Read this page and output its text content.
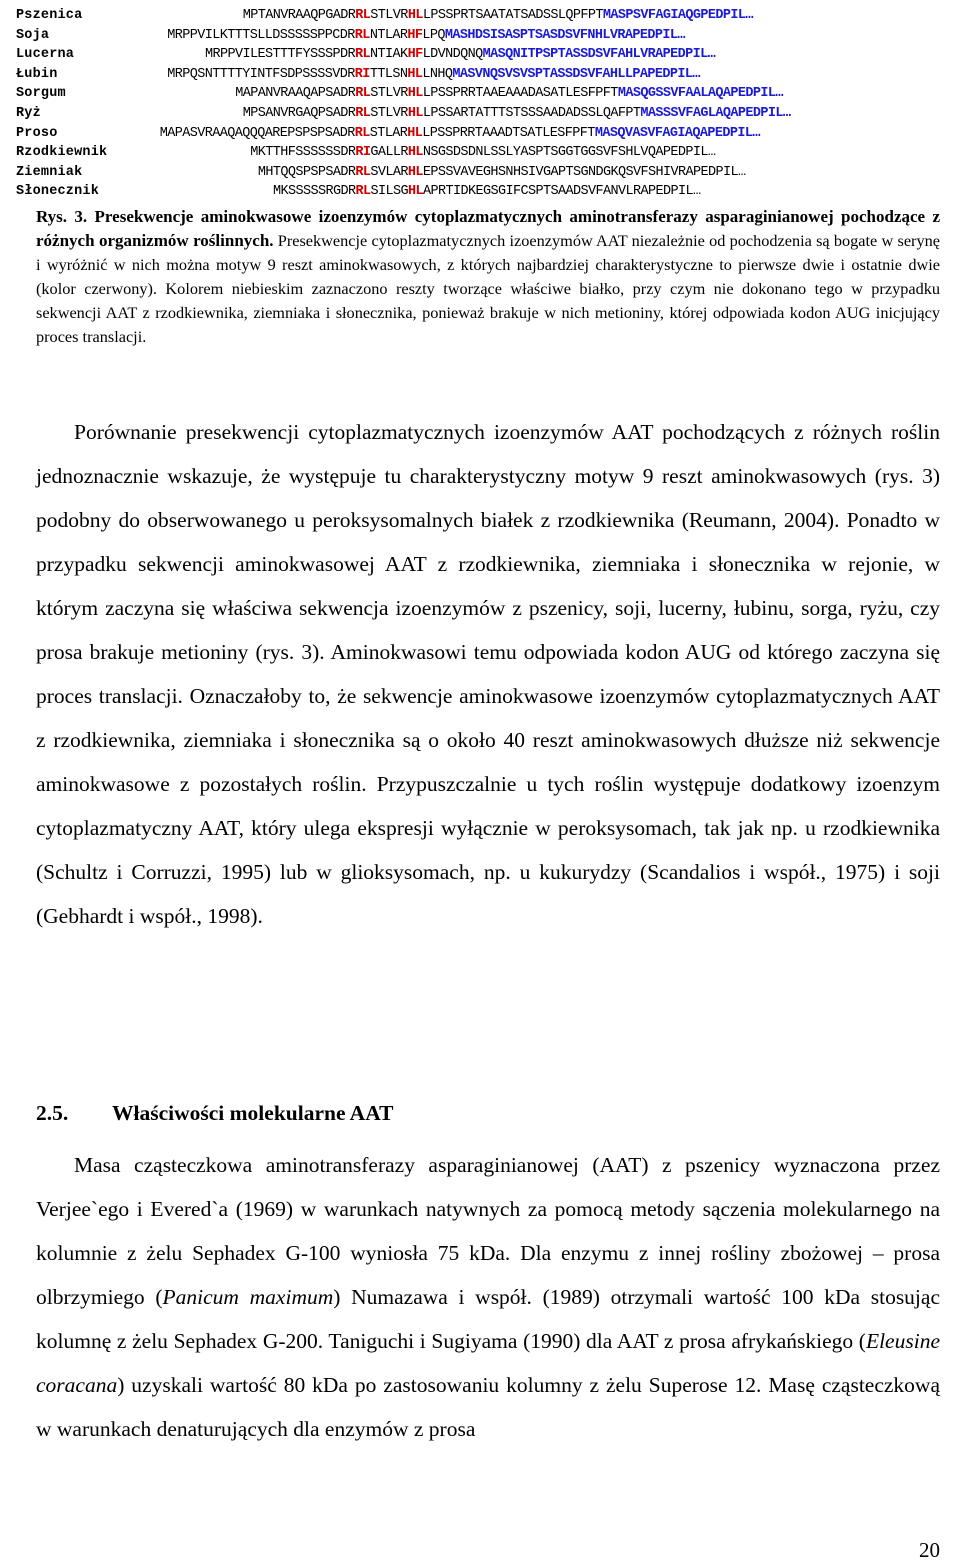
Pszenica	MPTANVRAAQPGADRRLSTLVRHLLPSSPRTSAATATSADSSLQPFPTMASPSVFAGIAQGPEDPIL…
Soja	MRPPVILKTTTSLLDSSSSSPPCDRRLNTLARHFLPQMASHDSISASPTSASDSVFNHLVRAPEDPIL…
Lucerna	MRPPVILESTTTFYSSSPDRRLNTIAKHFLDVNDQNQMASQNITPSPTASSDSVFAHLVRAPEDPIL…
Łubin	MRPQSNTTTTYINTFSDPSSSSVDRRITTLSNHLLNHQMASVNQSVSVSPTASSDSVFAHLLPAPEDPIL…
Sorgum	MAPANVRAAQAPSADRRLSTLVRHLLPSSPRRTAAEAAADASATLESFPFTMASQGSSVFAALAQAPEDPIL…
Ryż	MPSANVRGAQPSADRRLSTLVRHLLPSSARTATTTSTSSSAADADSSLQAFPTMASSSVFAGLAQAPEDPIL…
Proso	MAPASVRAAQAQQQAREPSPSPSADRRLSTLARHLLPSSPRRTAAADTSATLESFPFTMASQVASVFAGIAQAPEDPIL…
Rzodkiewnik	MKTTHFSSSSSSDRRIGALLRHLNSGSDSDNLSSLYASPTSGGTGGSVFSHLVQAPEDPIL…
Ziemniak	MHTQQSPSPSADRRLSVLARHLEPSSVAVEGHSNHSIVGAPTSGNDGKQSVFSHIVRAPEDPIL…
Słonecznik	MKSSSSSRGDRRLSILSGHLAPRTIDKEGSGIFCSPTSAADSVFANVLRAPEDPIL…
Rys. 3. Presekwencje aminokwasowe izoenzymów cytoplazmatycznych aminotransferazy asparaginianowej pochodzące z różnych organizmów roślinnych. Presekwencje cytoplazmatycznych izoenzymów AAT niezależnie od pochodzenia są bogate w serynę i wyróżnić w nich można motyw 9 reszt aminokwasowych, z których najbardziej charakterystyczne to pierwsze dwie i ostatnie dwie (kolor czerwony). Kolorem niebieskim zaznaczono reszty tworzące właściwe białko, przy czym nie dokonano tego w przypadku sekwencji AAT z rzodkiewnika, ziemniaka i słonecznika, ponieważ brakuje w nich metioniny, której odpowiada kodon AUG inicjujący proces translacji.

Porównanie presekwencji cytoplazmatycznych izoenzymów AAT pochodzących z różnych roślin jednoznacznie wskazuje, że występuje tu charakterystyczny motyw 9 reszt aminokwasowych (rys. 3) podobny do obserwowanego u peroksysomalnych białek z rzodkiewnika (Reumann, 2004). Ponadto w przypadku sekwencji aminokwasowej AAT z rzodkiewnika, ziemniaka i słonecznika w rejonie, w którym zaczyna się właściwa sekwencja izoenzymów z pszenicy, soji, lucerny, łubinu, sorga, ryżu, czy prosa brakuje metioniny (rys. 3). Aminokwasowi temu odpowiada kodon AUG od którego zaczyna się proces translacji. Oznaczałoby to, że sekwencje aminokwasowe izoenzymów cytoplazmatycznych AAT z rzodkiewnika, ziemniaka i słonecznika są o około 40 reszt aminokwasowych dłuższe niż sekwencje aminokwasowe z pozostałych roślin. Przypuszczalnie u tych roślin występuje dodatkowy izoenzym cytoplazmatyczny AAT, który ulega ekspresji wyłącznie w peroksysomach, tak jak np. u rzodkiewnika (Schultz i Corruzzi, 1995) lub w glioksysomach, np. u kukurydzy (Scandalios i współ., 1975) i soji (Gebhardt i współ., 1998).

2.5. Właściwości molekularne AAT

Masa cząsteczkowa aminotransferazy asparaginianowej (AAT) z pszenicy wyznaczona przez Verjee`ego i Evered`a (1969) w warunkach natywnych za pomocą metody sączenia molekularnego na kolumnie z żelu Sephadex G-100 wyniosła 75 kDa. Dla enzymu z innej rośliny zbożowej – prosa olbrzymiego (Panicum maximum) Numazawa i współ. (1989) otrzymali wartość 100 kDa stosując kolumnę z żelu Sephadex G-200. Taniguchi i Sugiyama (1990) dla AAT z prosa afrykańskiego (Eleusine coracana) uzyskali wartość 80 kDa po zastosowaniu kolumny z żelu Superose 12. Masę cząsteczkową w warunkach denaturujących dla enzymów z prosa

20
